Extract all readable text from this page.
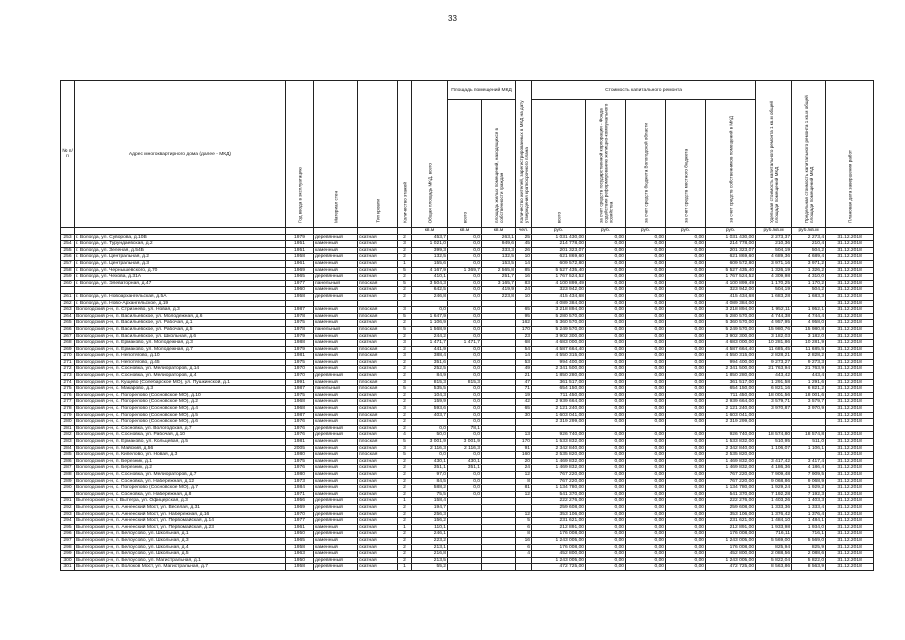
33
№ п/п	Адрес многоквартирного дома (далее - МКД)	Год ввода в эксплуатацию	Материал стен	Тип кровли	Количество этажей	Общая площадь МКД, всего	Площадь помещений МКД		Количество жителей, зарегистрированных в МКД на дату утверждения краткосрочного плана	Стоимость капитального ремонта					Удельная стоимость капитального ремонта 1 кв.м общей площади помещений МКД	Предельная стоимость капитального ремонта 1 кв.м общей площади помещений МКД	Плановая дата завершения работ

							всего	площадь жилых помещений, находящихся в собственности граждан		всего	за счет средств государственной корпорации - Фонда содействия реформированию жилищно-коммунального хозяйства	за счет средств бюджета Вологодской области	за счет средств местного бюджета	за счет средств собственников помещений в МКД			

						кв.м	кв.м	кв.м	чел.	руб.	руб.	руб.	руб.	руб.	руб./кв.м	руб./кв.м	
253	г. Вологда, ул. Суворова, д.10В	1979	деревянный	скатная	2	453,7	0,0	263,1	25	1 031 430,00	0,00	0,00	0,00	1 031 430,00	2 273,37	2 273,4	31.12.2018
254	г. Вологда, ул. Турундаевская, д.2	1951	каменный	скатная	3	1 021,0	0,0	949,6	45	214 778,00	0,00	0,00	0,00	214 778,00	210,36	210,4	31.12.2018
255	г. Вологда, ул. Зеленая, д.54Б	1951	каменный	скатная	2	399,3	0,0	333,3	26	201 323,07	0,00	0,00	0,00	201 323,07	504,19	504,2	31.12.2018
256	г. Вологда, ул. Центральная, д.2	1958	деревянный	скатная	2	132,5	0,0	132,5	10	621 869,60	0,00	0,00	0,00	621 869,60	4 689,36	4 689,4	31.12.2018
257	г. Вологда, ул. Центральная, д.3	1961	каменный	скатная	1	155,6	0,0	153,5	14	609 572,80	0,00	0,00	0,00	609 572,80	3 971,16	3 971,2	31.12.2018
258	г. Вологда, ул. Чернышевского, д.70	1969	каменный	скатная	5	4 167,9	1 369,7	2 565,8	85	5 527 435,40	0,00	0,00	0,00	5 527 435,40	1 326,19	1 326,2	31.12.2018
259	г. Вологда, ул. Чехова, д.31А	1965	деревянный	скатная	2	410,1	0,0	251,7	16	1 767 524,52	0,00	0,00	0,00	1 767 524,52	4 309,98	4 310,0	31.12.2018
260	г. Вологда, ул. Элеваторная, д.47	1977	панельный	плоская	5	3 504,3	0,0	3 165,7	83	4 100 899,49	0,00	0,00	0,00	4 100 899,49	1 170,25	1 170,2	31.12.2018
		1960	каменный	скатная	2	642,5	0,0	419,9	24	323 942,00	0,00	0,00	0,00	323 942,00	504,19	504,2	31.12.2018
261	г. Вологда, ул. Новоархангельская, д.5А	1958	деревянный	скатная	2	246,8	0,0	223,8	10	415 434,68	0,00	0,00	0,00	415 434,68	1 683,28	1 683,3	31.12.2018
262	г. Вологда, ул. Ново-Архангельское, д.19									4 089 384,00	0,00	0,00	0,00	4 089 384,00			31.12.2018
263	Вологодский р-н, п. Стризнево, ул. Новая, д.3	1987	каменный	плоская	3	0,0	0,0		65	3 218 894,00	0,00	0,00	0,00	3 218 894,00	1 952,11	1 952,1	31.12.2018
264	Вологодский р-н, п. Васильевское, ул. Молодежная, д.6	1978	каменный	плоская	5	1 647,9	0,0		95	5 280 570,00	0,00	0,00	0,00	5 280 570,00	4 744,38	4 744,4	31.12.2018
265	Вологодский р-н, п. Васильевское, ул. Рабочая, д.1	1975	каменный	скатная	2	1 106,9	0,0		162	5 360 570,00	0,00	0,00	0,00	5 360 570,00	4 957,95	4 958,0	31.12.2018
266	Вологодский р-н, п. Васильевское, ул. Рабочая, д.5	1978	панельный	плоская	5	1 568,9	0,0		170	5 249 570,00	0,00	0,00	0,00	5 249 570,00	15 980,76	15 980,8	31.12.2018
267	Вологодский р-н, п. Васильевское, ул. Школьная, д.6	1979	каменный	скатная	2	244,2	0,0		23	3 902 300,00	0,00	0,00	0,00	3 902 300,00	3 182,03	3 182,0	31.12.2018
268	Вологодский р-н, п. Ермаково, ул. Молодежная, д.3	1988	каменный	скатная	3	1 471,7	1 471,7		68	4 683 000,00	0,00	0,00	0,00	4 683 000,00	10 281,86	10 281,9	31.12.2018
269	Вологодский р-н, п. Ермаково, ул. Молодежная, д.7	1979	каменный	плоская	2	441,9	0,0		54	4 587 664,40	0,00	0,00	0,00	4 587 664,40	11 685,45	11 685,5	31.12.2018
270	Вологодский р-н, п. Непотягово, д.10	1981	каменный	плоская	3	388,4	0,0		14	4 550 315,00	0,00	0,00	0,00	4 550 315,00	2 828,21	2 828,2	31.12.2018
271	Вологодский р-н, п. Непотягово, д.45	1975	каменный	скатная	2	351,6	0,0		53	994 400,00	0,00	0,00	0,00	994 400,00	9 273,27	9 273,3	31.12.2018
272	Вологодский р-н, п. Сосновка, ул. Мелиораторов, д.14	1970	каменный	скатная	2	252,5	0,0		49	2 341 500,00	0,00	0,00	0,00	2 341 500,00	21 763,94	21 763,9	31.12.2018
273	Вологодский р-н, п. Сосновка, ул. Мелиораторов, д.4	1970	деревянный	скатная	2	84,9	0,0		21	1 850 280,00	0,00	0,00	0,00	1 850 280,00	443,42	443,4	31.12.2018
274	Вологодский р-н, п. Кущево (Солебарское МО), ул. Пушкинской, д.1	1991	каменный	плоская	3	815,3	815,3		47	361 517,00	0,00	0,00	0,00	361 517,00	1 291,58	1 291,6	31.12.2018
275	Вологодский р-н, с. Макарово, д.3	1987	панельный	плоская	5	535,5	0,0		71	654 150,00	0,00	0,00	0,00	654 150,00	6 821,16	6 821,2	31.12.2018
276	Вологодский р-н, с. Погорелово (Сосновское МО), д.10	1975	каменный	скатная	2	104,3	0,0		19	711 450,00	0,00	0,00	0,00	711 450,00	18 001,56	18 001,6	31.12.2018
277	Вологодский р-н, с. Погорелово (Сосновское МО), д.2	1968	каменный	скатная	2	159,9	0,0		42	2 939 664,00	0,00	0,00	0,00	2 939 664,00	3 579,71	3 579,7	31.12.2018
278	Вологодский р-н, с. Погорелово (Сосновское МО), д.4	1968	каменный	скатная	3	593,6	0,0		65	2 121 240,00	0,00	0,00	0,00	2 121 240,00	3 970,87	3 970,9	31.12.2018
279	Вологодский р-н, с. Погорелово (Сосновское МО), д.5	1987	каменный	плоская	2	403,7	0,0		30	1 603 041,00	0,00	0,00	0,00	1 603 041,00			31.12.2018
280	Вологодский р-н, с. Погорелово (Сосновское МО), д.6	1976	каменный	скатная	2		0,0			2 319 299,00	0,00	0,00	0,00	2 319 299,00			31.12.2018
281	Вологодский р-н, с. Сосновка, ул. Вологодская, д.7	1976	деревянный	скатная	2	0,0	78,1										
282	Вологодский р-н, п. Сосновка, ул. Рабочая, д.10	1976	деревянный	скатная	4	50,0	0,0		13	926 740,00	0,00	0,00	0,00	926 740,00	18 574,80	18 574,8	31.12.2018
283	Вологодский р-н, п. Ермаково, ул. Кольцевая, д.5	1981	каменный	плоская	5	3 001,9	3 001,9		170	1 533 832,00	0,00	0,00	0,00	1 533 832,00	510,95	511,0	31.12.2018
284	Вологодский р-н, п. Майский, д.56	2005	каменный	скатная	3	2 116,3	2 116,3		91	2 342 840,00	0,00	0,00	0,00	2 342 840,00	1 106,07	1 106,1	31.12.2018
285	Вологодский р-н, п. Кипелово, ул. Новая, д.3	1980	каменный	плоская	5	0,0	0,0		160	2 535 820,00	0,00	0,00	0,00	2 535 820,00			31.12.2018
286	Вологодский р-н, п. Березник, д.1	1975	каменный	скатная	2	430,1	430,1		20	1 469 832,00	0,00	0,00	0,00	1 469 832,00	3 417,42	3 417,4	31.12.2018
287	Вологодский р-н, п. Березник, д.2	1976	каменный	скатная	2	351,1	351,1		24	1 469 832,00	0,00	0,00	0,00	1 469 832,00	4 186,36	4 186,4	31.12.2018
288	Вологодский р-н, п. Сосновка, ул. Мелиораторов, д.7	1980	каменный	скатная	2	97,0	0,0		12	767 220,00	0,00	0,00	0,00	767 220,00	7 909,48	7 909,5	31.12.2018
289	Вологодский р-н, с. Сосновка, ул. Набережная, д.12	1973	каменный	скатная	2	84,5	0,0		8	767 220,00	0,00	0,00	0,00	767 220,00	9 068,86	9 068,9	31.12.2018
290	Вологодский р-н, с. Погорелово (Сосновское МО), д.7	1984	каменный	скатная	2	588,2	0,0		81	1 134 780,00	0,00	0,00	0,00	1 134 780,00	1 929,24	1 929,2	31.12.2018
	Вологодский р-н, с. Сосновка, ул. Набережная, д.8	1971	каменный	скатная	2	75,5	0,0		12	541 370,00	0,00	0,00	0,00	541 370,00	7 192,28	7 192,3	31.12.2018
291	Вытегорский р-н, г. Вытегра, ул. Офицерская, д.3	1956	деревянный	скатная	1	158,4				222 276,00	0,00	0,00	0,00	222 276,00	1 403,26	1 403,3	31.12.2018
292	Вытегорский р-н, п. Анненский Мост, ул. Веселая, д.31	1969	деревянный	скатная	2	194,7				259 608,00	0,00	0,00	0,00	259 608,00	1 333,36	1 333,4	31.12.2018
293	Вытегорский р-н, п. Анненский Мост, ул. Набережная, д.16	1970	деревянный	скатная	2	256,3			12	353 106,00	0,00	0,00	0,00	353 106,00	1 376,42	1 376,4	31.12.2018
294	Вытегорский р-н, п. Анненский Мост, ул. Первомайская, д.14	1977	деревянный	скатная	2	156,2			5	231 621,00	0,00	0,00	0,00	231 621,00	1 484,10	1 484,1	31.12.2018
295	Вытегорский р-н, п. Анненский Мост, ул. Первомайская, д.23	1961	каменный	скатная	1	110,1			6	212 891,00	0,00	0,00	0,00	212 891,00	1 933,98	1 934,0	31.12.2018
296	Вытегорский р-н, п. Белоусово, ул. Школьная, д.1	1950	деревянный	скатная	2	246,1			8	176 008,00	0,00	0,00	0,00	176 008,00	716,11	716,1	31.12.2018
297	Вытегорский р-н, п. Белоусово, ул. Школьная, д.3	1965	каменный	скатная	2	223,2			16	1 243 005,00	0,00	0,00	0,00	1 243 005,00	5 569,00	5 569,0	31.12.2018
298	Вытегорский р-н, п. Белоусово, ул. Школьная, д.4	1958	каменный	скатная	2	213,1			6	176 008,00	0,00	0,00	0,00	176 008,00	825,94	825,9	31.12.2018
299	Вытегорский р-н, п. Белоусово, ул. Школьная, д.5	1963	каменный	скатная	2	216,8			4	452 800,00	0,00	0,00	0,00	452 800,00	2 088,56	2 088,6	31.12.2018
300	Вытегорский р-н, п. Белоусово, ул. Магистральная, д.1	1950	деревянный	скатная	2	213,5				1 243 005,00	0,00	0,00	0,00	1 243 005,00	5 822,04	5 822,0	31.12.2018
301	Вытегорский р-н, п. Волоков Мост, ул. Магистральная, д.7	1958	деревянный	скатная	1	55,2				472 725,00	0,00	0,00	0,00	472 725,00	8 563,86	8 563,9	31.12.2018
